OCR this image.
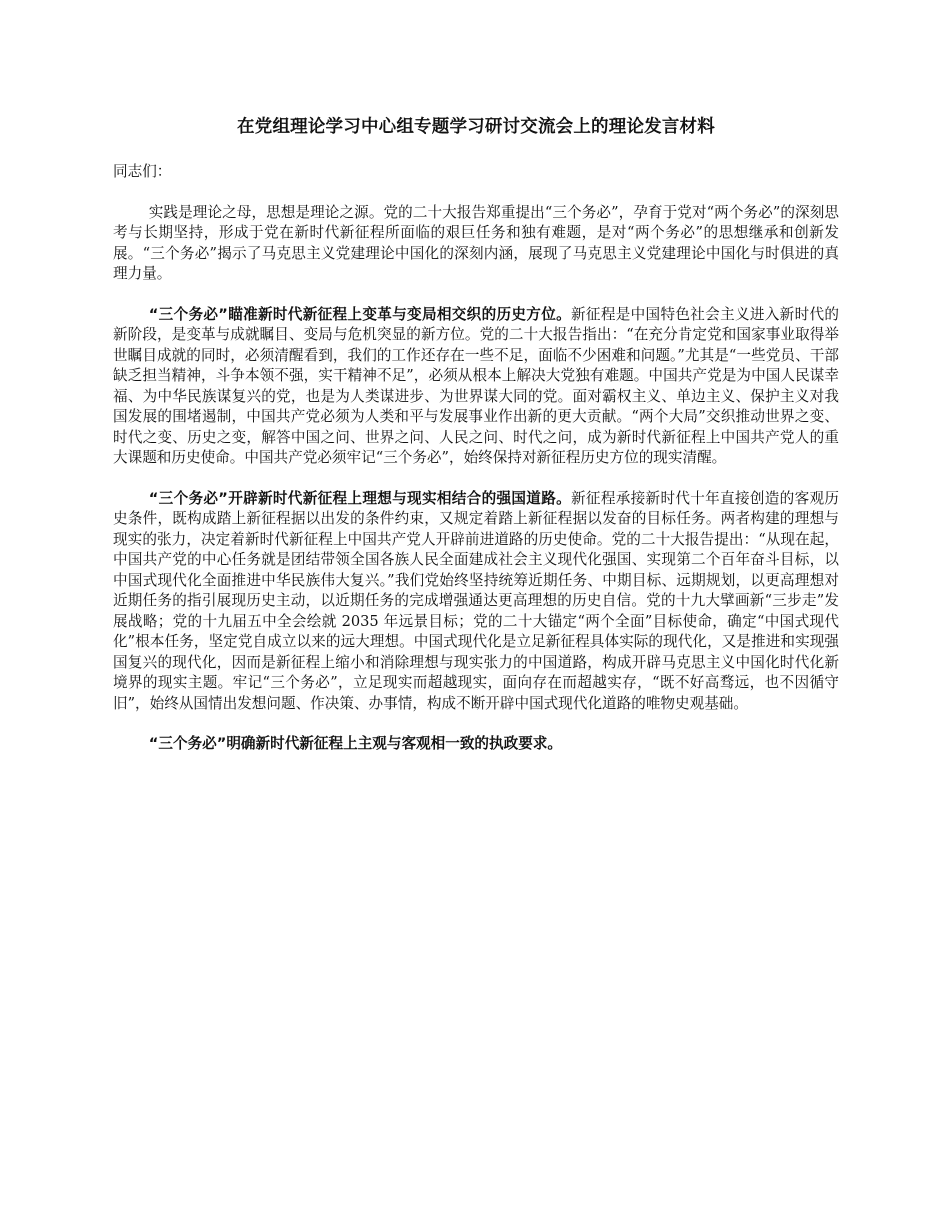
在党组理论学习中心组专题学习研讨交流会上的理论发言材料

同志们：

实践是理论之母，思想是理论之源。党的二十大报告郑重提出“三个务必”，孕育于党对“两个务必”的深刻思考与长期坚持，形成于党在新时代新征程所面临的艰巨任务和独有难题，是对“两个务必”的思想继承和创新发展。“三个务必”揭示了马克思主义党建理论中国化的深刻内涵，展现了马克思主义党建理论中国化与时俱进的真理力量。

“三个务必”瞄准新时代新征程上变革与变局相交织的历史方位。新征程是中国特色社会主义进入新时代的新阶段，是变革与成就瞩目、变局与危机突显的新方位。党的二十大报告指出：“在充分肯定党和国家事业取得举世瞩目成就的同时，必须清醒看到，我们的工作还存在一些不足，面临不少困难和问题。”尤其是“一些党员、干部缺乏担当精神，斗争本领不强，实干精神不足”，必须从根本上解决大党独有难题。中国共产党是为中国人民谋幸福、为中华民族谋复兴的党，也是为人类谋进步、为世界谋大同的党。面对霸权主义、单边主义、保护主义对我国发展的围堵遏制，中国共产党必须为人类和平与发展事业作出新的更大贡献。“两个大局”交织推动世界之变、时代之变、历史之变，解答中国之问、世界之问、人民之问、时代之问，成为新时代新征程上中国共产党人的重大课题和历史使命。中国共产党必须牢记“三个务必”，始终保持对新征程历史方位的现实清醒。

“三个务必”开辟新时代新征程上理想与现实相结合的强国道路。新征程承接新时代十年直接创造的客观历史条件，既构成踏上新征程据以出发的条件约束，又规定着踏上新征程据以发奋的目标任务。两者构建的理想与现实的张力，决定着新时代新征程上中国共产党人开辟前进道路的历史使命。党的二十大报告提出：“从现在起，中国共产党的中心任务就是团结带领全国各族人民全面建成社会主义现代化强国、实现第二个百年奋斗目标，以中国式现代化全面推进中华民族伟大复兴。”我们党始终坚持统筹近期任务、中期目标、远期规划，以更高理想对近期任务的指引展现历史主动，以近期任务的完成增强通达更高理想的历史自信。党的十九大擘画新“三步走”发展战略；党的十九届五中全会绘就 2035 年远景目标；党的二十大锚定“两个全面”目标使命，确定“中国式现代化”根本任务，坚定党自成立以来的远大理想。中国式现代化是立足新征程具体实际的现代化，又是推进和实现强国复兴的现代化，因而是新征程上缩小和消除理想与现实张力的中国道路，构成开辟马克思主义中国化时代化新境界的现实主题。牢记“三个务必”，立足现实而超越现实，面向存在而超越实存，“既不好高骛远，也不因循守旧”，始终从国情出发想问题、作决策、办事情，构成不断开辟中国式现代化道路的唯物史观基础。

“三个务必”明确新时代新征程上主观与客观相一致的执政要求。
